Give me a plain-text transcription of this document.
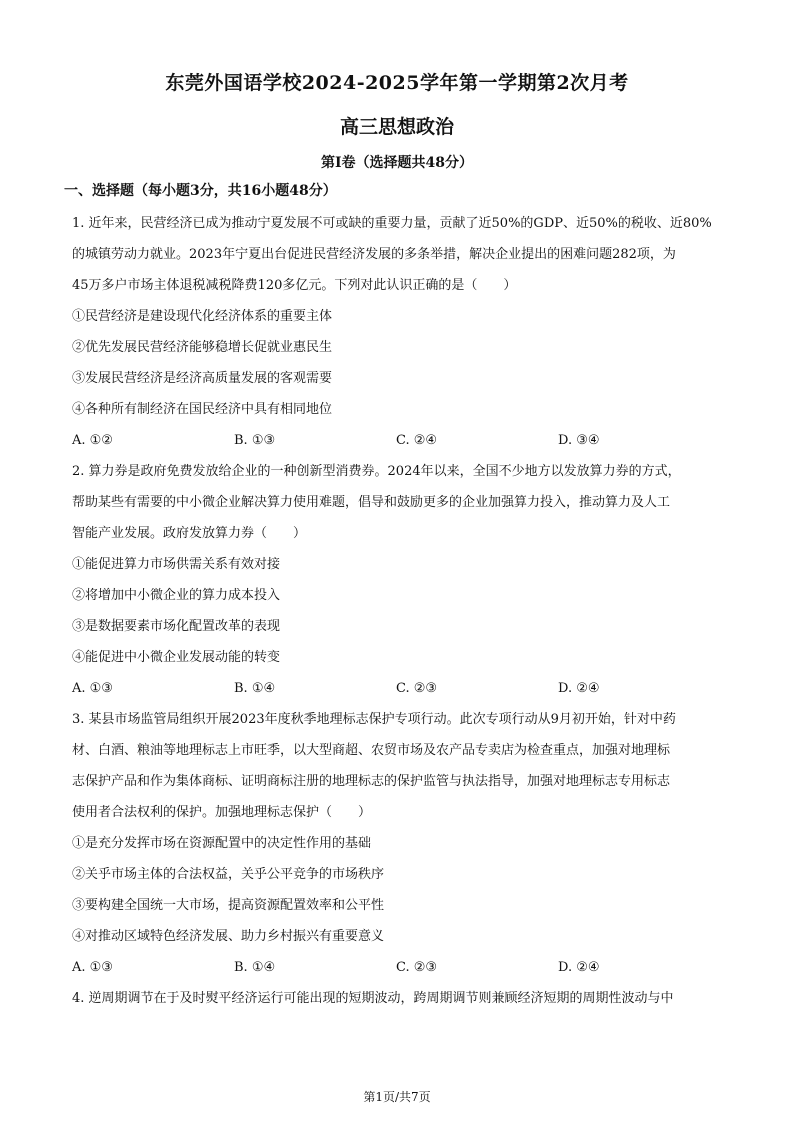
东莞外国语学校2024-2025学年第一学期第2次月考
高三思想政治
第I卷（选择题共48分）
一、选择题（每小题3分，共16小题48分）

1. 近年来，民营经济已成为推动宁夏发展不可或缺的重要力量，贡献了近50%的GDP、近50%的税收、近80%

的城镇劳动力就业。2023年宁夏出台促进民营经济发展的多条举措，解决企业提出的困难问题282项，为

45万多户市场主体退税减税降费120多亿元。下列对此认识正确的是（　　）

①民营经济是建设现代化经济体系的重要主体

②优先发展民营经济能够稳增长促就业惠民生

③发展民营经济是经济高质量发展的客观需要

④各种所有制经济在国民经济中具有相同地位

A. ①②	B. ①③	C. ②④	D. ③④

2. 算力券是政府免费发放给企业的一种创新型消费券。2024年以来，全国不少地方以发放算力券的方式，

帮助某些有需要的中小微企业解决算力使用难题，倡导和鼓励更多的企业加强算力投入，推动算力及人工

智能产业发展。政府发放算力券（　　）

①能促进算力市场供需关系有效对接

②将增加中小微企业的算力成本投入

③是数据要素市场化配置改革的表现

④能促进中小微企业发展动能的转变

A. ①③	B. ①④	C. ②③	D. ②④

3. 某县市场监管局组织开展2023年度秋季地理标志保护专项行动。此次专项行动从9月初开始，针对中药

材、白酒、粮油等地理标志上市旺季，以大型商超、农贸市场及农产品专卖店为检查重点，加强对地理标

志保护产品和作为集体商标、证明商标注册的地理标志的保护监管与执法指导，加强对地理标志专用标志

使用者合法权利的保护。加强地理标志保护（　　）

①是充分发挥市场在资源配置中的决定性作用的基础

②关乎市场主体的合法权益，关乎公平竞争的市场秩序

③要构建全国统一大市场，提高资源配置效率和公平性

④对推动区域特色经济发展、助力乡村振兴有重要意义

A. ①③	B. ①④	C. ②③	D. ②④

4. 逆周期调节在于及时熨平经济运行可能出现的短期波动，跨周期调节则兼顾经济短期的周期性波动与中

第1页/共7页
